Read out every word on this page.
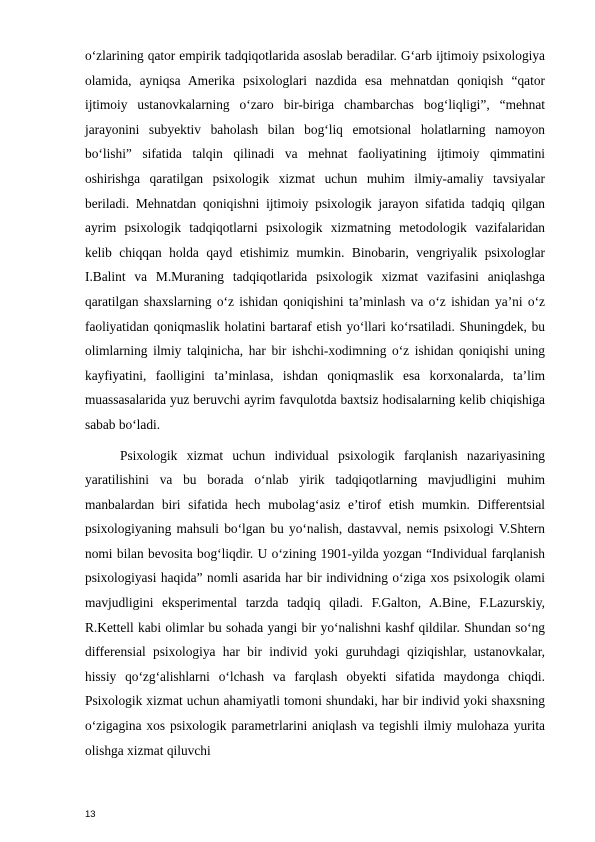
o‘zlarining qator empirik tadqiqotlarida asoslab beradilar. G‘arb ijtimoiy psixologiya olamida, ayniqsa Amerika psixologlari nazdida esa mehnatdan qoniqish “qator ijtimoiy ustanovkalarning o‘zaro bir-biriga chambarchas bog‘liqligi”, “mehnat jarayonini subyektiv baholash bilan bog‘liq emotsional holatlarning namoyon bo‘lishi” sifatida talqin qilinadi va mehnat faoliyatining ijtimoiy qimmatini oshirishga qaratilgan psixologik xizmat uchun muhim ilmiy-amaliy tavsiyalar beriladi. Mehnatdan qoniqishni ijtimoiy psixologik jarayon sifatida tadqiq qilgan ayrim psixologik tadqiqotlarni psixologik xizmatning metodologik vazifalaridan kelib chiqqan holda qayd etishimiz mumkin. Binobarin, vengriyalik psixologlar I.Balint va M.Muraning tadqiqotlarida psixologik xizmat vazifasini aniqlashga qaratilgan shaxslarning o‘z ishidan qoniqishini ta’minlash va o‘z ishidan ya’ni o‘z faoliyatidan qoniqmaslik holatini bartaraf etish yo‘llari ko‘rsatiladi. Shuningdek, bu olimlarning ilmiy talqinicha, har bir ishchi-xodimning o‘z ishidan qoniqishi uning kayfiyatini, faolligini ta’minlasa, ishdan qoniqmaslik esa korxonalarda, ta’lim muassasalarida yuz beruvchi ayrim favqulotda baxtsiz hodisalarning kelib chiqishiga sabab bo‘ladi.

Psixologik xizmat uchun individual psixologik farqlanish nazariyasining yaratilishini va bu borada o‘nlab yirik tadqiqotlarning mavjudligini muhim manbalardan biri sifatida hech mubolag‘asiz e’tirof etish mumkin. Differentsial psixologiyaning mahsuli bo‘lgan bu yo‘nalish, dastavval, nemis psixologi V.Shtern nomi bilan bevosita bog‘liqdir. U o‘zining 1901-yilda yozgan “Individual farqlanish psixologiyasi haqida” nomli asarida har bir individning o‘ziga xos psixologik olami mavjudligini eksperimental tarzda tadqiq qiladi. F.Galton, A.Bine, F.Lazurskiy, R.Kettell kabi olimlar bu sohada yangi bir yo‘nalishni kashf qildilar. Shundan so‘ng differensial psixologiya har bir individ yoki guruhdagi qiziqishlar, ustanovkalar, hissiy qo‘zg‘alishlarni o‘lchash va farqlash obyekti sifatida maydonga chiqdi. Psixologik xizmat uchun ahamiyatli tomoni shundaki, har bir individ yoki shaxsning o‘zigagina xos psixologik parametrlarini aniqlash va tegishli ilmiy mulohaza yurita olishga xizmat qiluvchi

13
